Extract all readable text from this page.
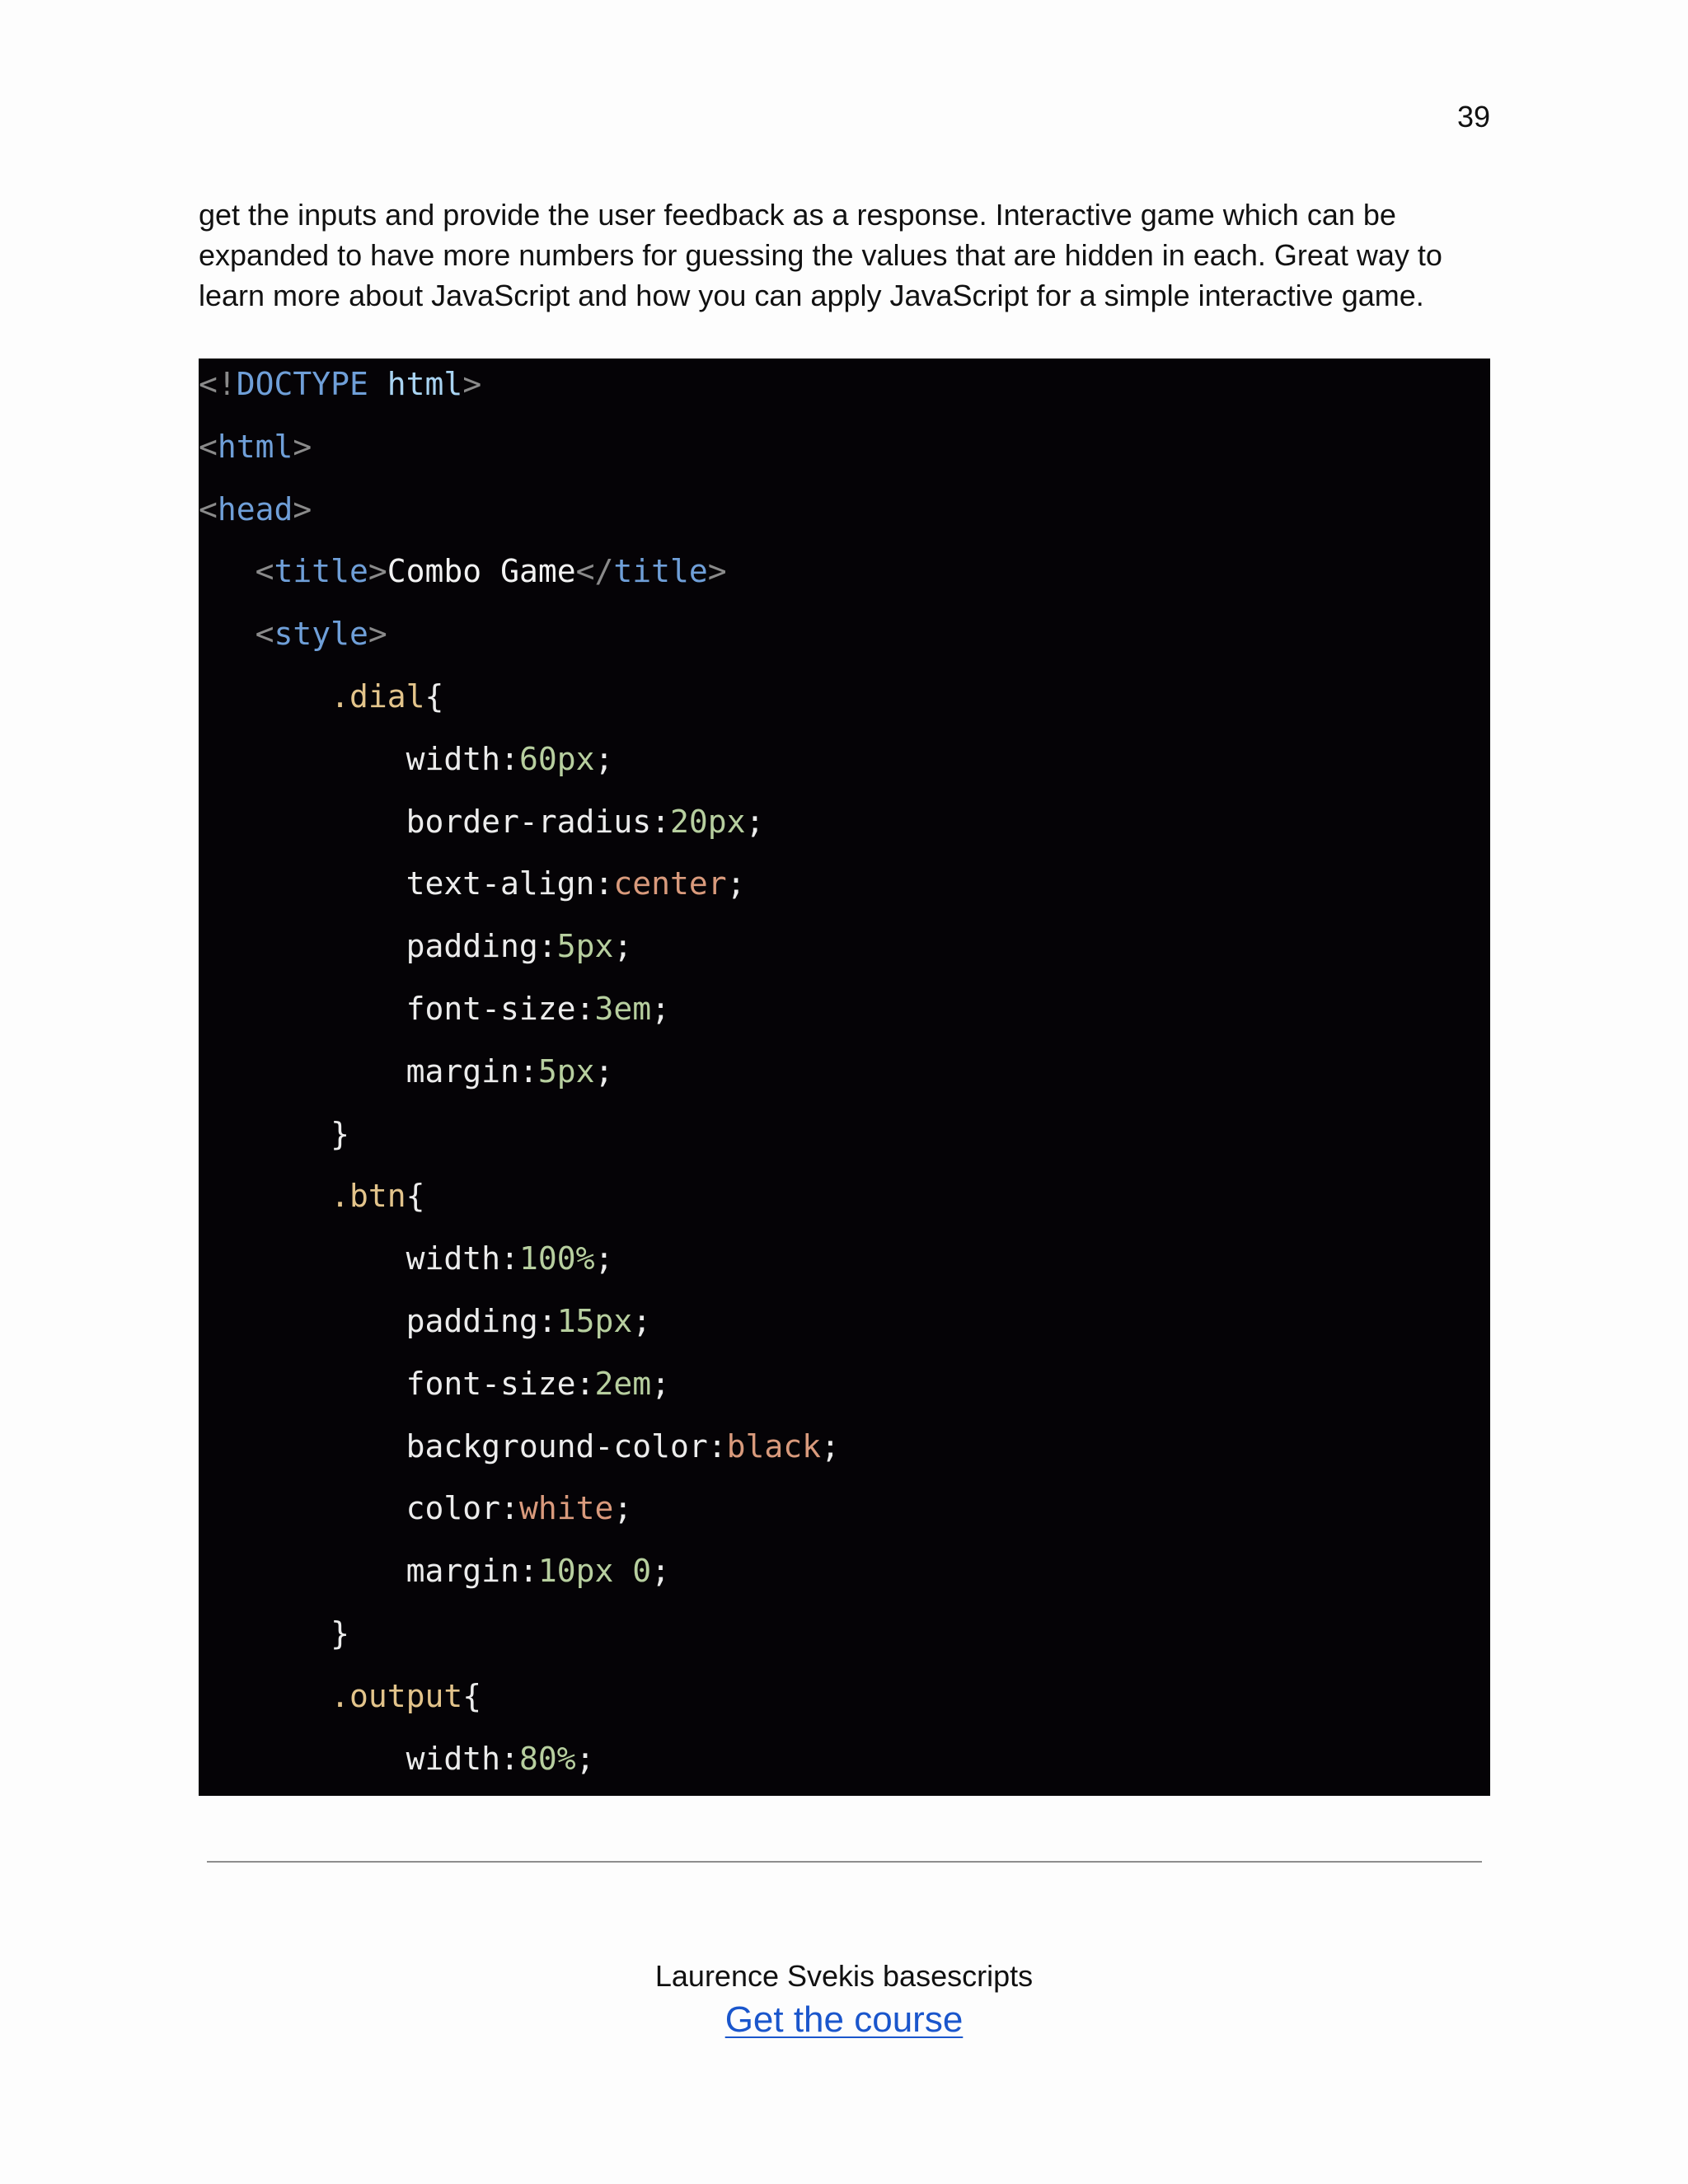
39

get the inputs and provide the user feedback as a response. Interactive game which can be
expanded to have more numbers for guessing the values that are hidden in each. Great way to
learn more about JavaScript and how you can apply JavaScript for a simple interactive game.

<!DOCTYPE html>
<html>
<head>
<title>Combo Game</title>
<style>
.dial{
width:60px;
border-radius:20px;
text-align:center;
padding:5px;
font-size:3em;
margin:5px;
}
.btn{
width:100%;
padding:15px;
font-size:2em;
background-color:black;
color:white;
margin:10px 0;
}
.output{
width:80%;
Laurence Svekis basescripts
Get the course
